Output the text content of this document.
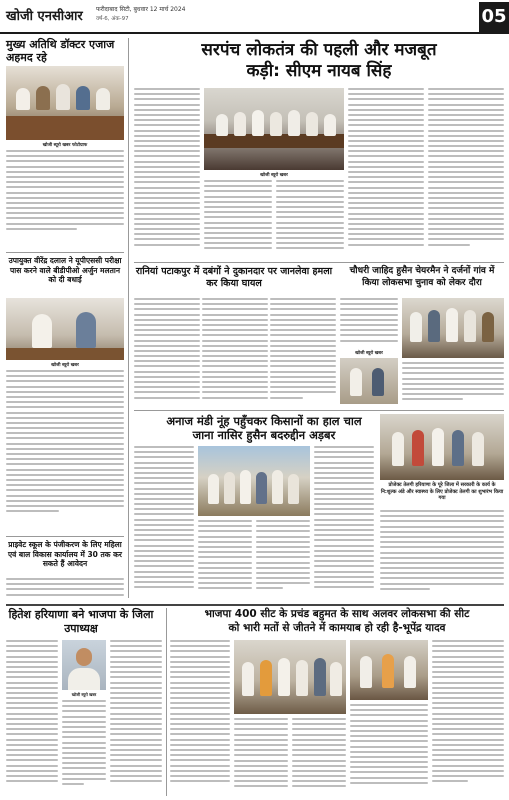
खोजी एनसीआर फरीदाबाद सिटी, बुधवार 12 मार्च 2024
वर्ष-6, अंक-97	05
मुख्य अतिथि डॉक्टर एजाज अहमद रहे
खोजी ब्यूरो खबर फोटोग्राफ
सरपंच लोकतंत्र की पहली और मजबूत
कड़ी: सीएम नायब सिंह
खोजी ब्यूरो खबर
उपायुक्त वीरेंद्र दलाल ने यूपीएससी परीक्षा पास करने वाले बीडीपीओ अर्जुन मलतान को दी बधाई
खोजी ब्यूरो खबर
रानियां पटाकपुर में दबंगों ने दुकानदार पर जानलेवा हमला कर किया घायल
चौधरी जाहिद हुसैन चेयरमैन ने दर्जनों गांव में किया लोकसभा चुनाव को लेकर दौरा
खोजी ब्यूरो खबर
अनाज मंडी नूंह पहुँचकर किसानों का हाल चाल
जाना नासिर हुसैन बदरुद्दीन अड़बर
प्रोजेक्ट तेलगी हरियाणा के पूरे जिला में सरकारी के कार्य के नि:शुल्क अंडे और स्वास्थ्य के लिए प्रोजेक्ट तेलगी का शुभारंभ किया गया
प्राइवेट स्कूल के पंजीकरण के लिए महिला एवं बाल विकास कार्यालय में 30 तक कर सकते हैं आवेदन
हितेश हरियाणा बने भाजपा के जिला उपाध्यक्ष
खोजी ब्यूरो खबर
भाजपा 400 सीट के प्रचंड बहुमत के साथ अलवर लोकसभा की सीट
को भारी मतों से जीतने में कामयाब हो रही है-भूपेंद्र यादव
